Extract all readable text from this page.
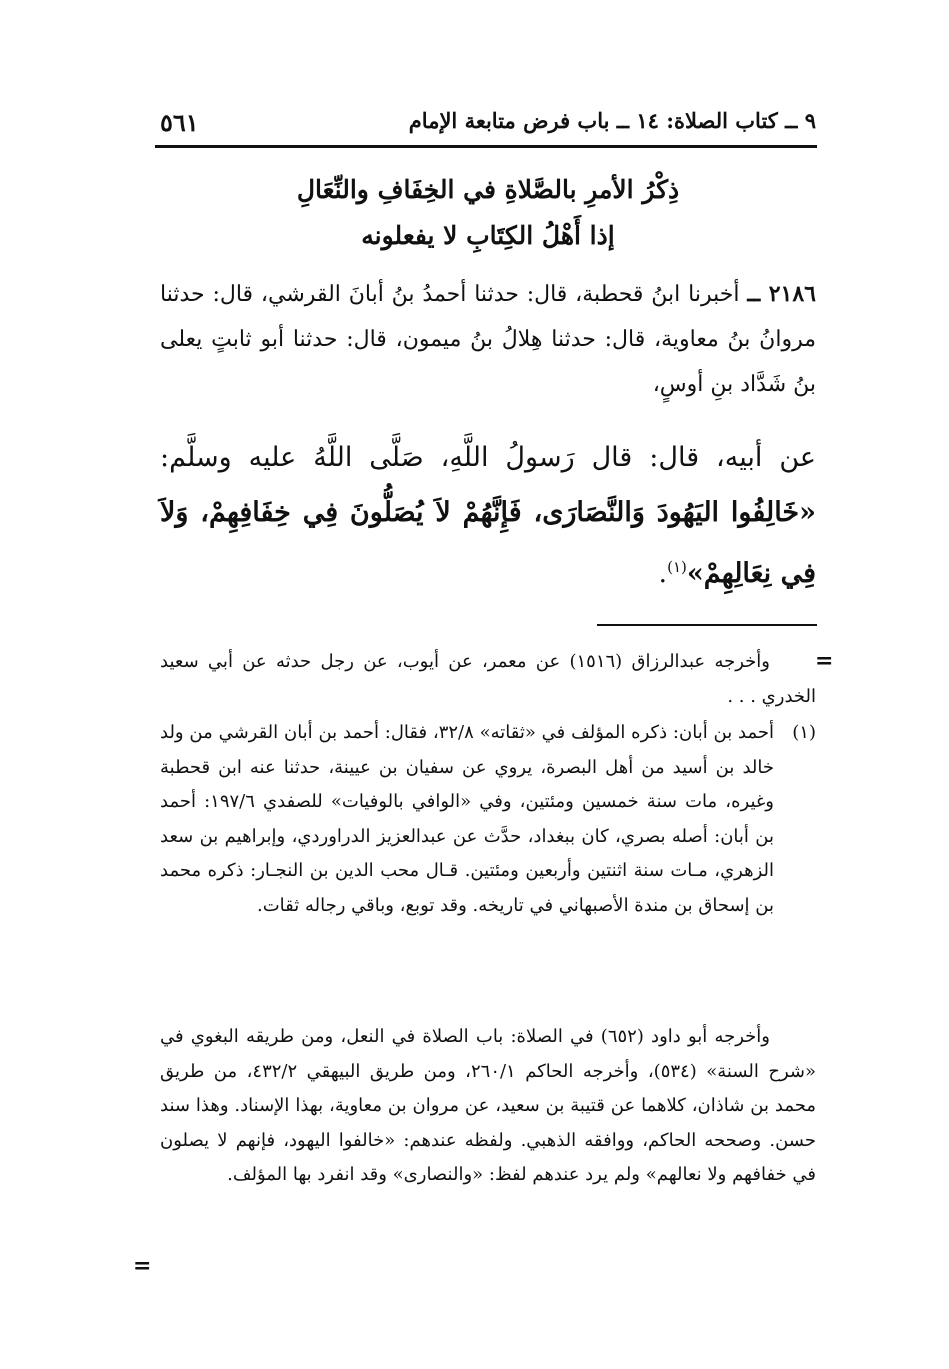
٩ ــ كتاب الصلاة: ١٤ ــ باب فرض متابعة الإمام
٥٦١
ذِكْرُ الأمرِ بالصَّلاةِ في الخِفَافِ والنِّعَالِ
إذا أَهْلُ الكِتَابِ لا يفعلونه
٢١٨٦ ــ أخبرنا ابنُ قحطبة، قال: حدثنا أحمدُ بنُ أبانَ القرشي، قال: حدثنا مروانُ بنُ معاوية، قال: حدثنا هِلالُ بنُ ميمون، قال: حدثنا أبو ثابتٍ يعلى بنُ شَدَّاد بنِ أوسٍ،
عن أبيه، قال: قال رَسولُ اللَّهِ، صَلَّى اللَّهُ عليه وسلَّم: «خَالِفُوا اليَهُودَ وَالنَّصَارَى، فَإِنَّهُمْ لاَ يُصَلُّونَ فِي خِفَافِهِمْ، وَلاَ فِي نِعَالِهِمْ»$^{(١)}$.
=
وأخرجه عبدالرزاق (١٥١٦) عن معمر، عن أيوب، عن رجل حدثه عن أبي سعيد الخدري . . .
(١)
أحمد بن أبان: ذكره المؤلف في «ثقاته» ٣٢/٨، فقال: أحمد بن أبان القرشي من ولد خالد بن أسيد من أهل البصرة، يروي عن سفيان بن عيينة، حدثنا عنه ابن قحطبة وغيره، مات سنة خمسين ومئتين، وفي «الوافي بالوفيات» للصفدي ١٩٧/٦: أحمد بن أبان: أصله بصري، كان ببغداد، حدَّث عن عبدالعزيز الدراوردي، وإبراهيم بن سعد الزهري، مـات سنة اثنتين وأربعين ومئتين. قـال محب الدين بن النجـار: ذكره محمد بن إسحاق بن مندة الأصبهاني في تاريخه. وقد توبع، وباقي رجاله ثقات.
وأخرجه أبو داود (٦٥٢) في الصلاة: باب الصلاة في النعل، ومن طريقه البغوي في «شرح السنة» (٥٣٤)، وأخرجه الحاكم ٢٦٠/١، ومن طريق البيهقي ٤٣٢/٢، من طريق محمد بن شاذان، كلاهما عن قتيبة بن سعيد، عن مروان بن معاوية، بهذا الإسناد. وهذا سند حسن. وصححه الحاكم، ووافقه الذهبي. ولفظه عندهم: «خالفوا اليهود، فإنهم لا يصلون في خفافهم ولا نعالهم» ولم يرد عندهم لفظ: «والنصارى» وقد انفرد بها المؤلف.
=
